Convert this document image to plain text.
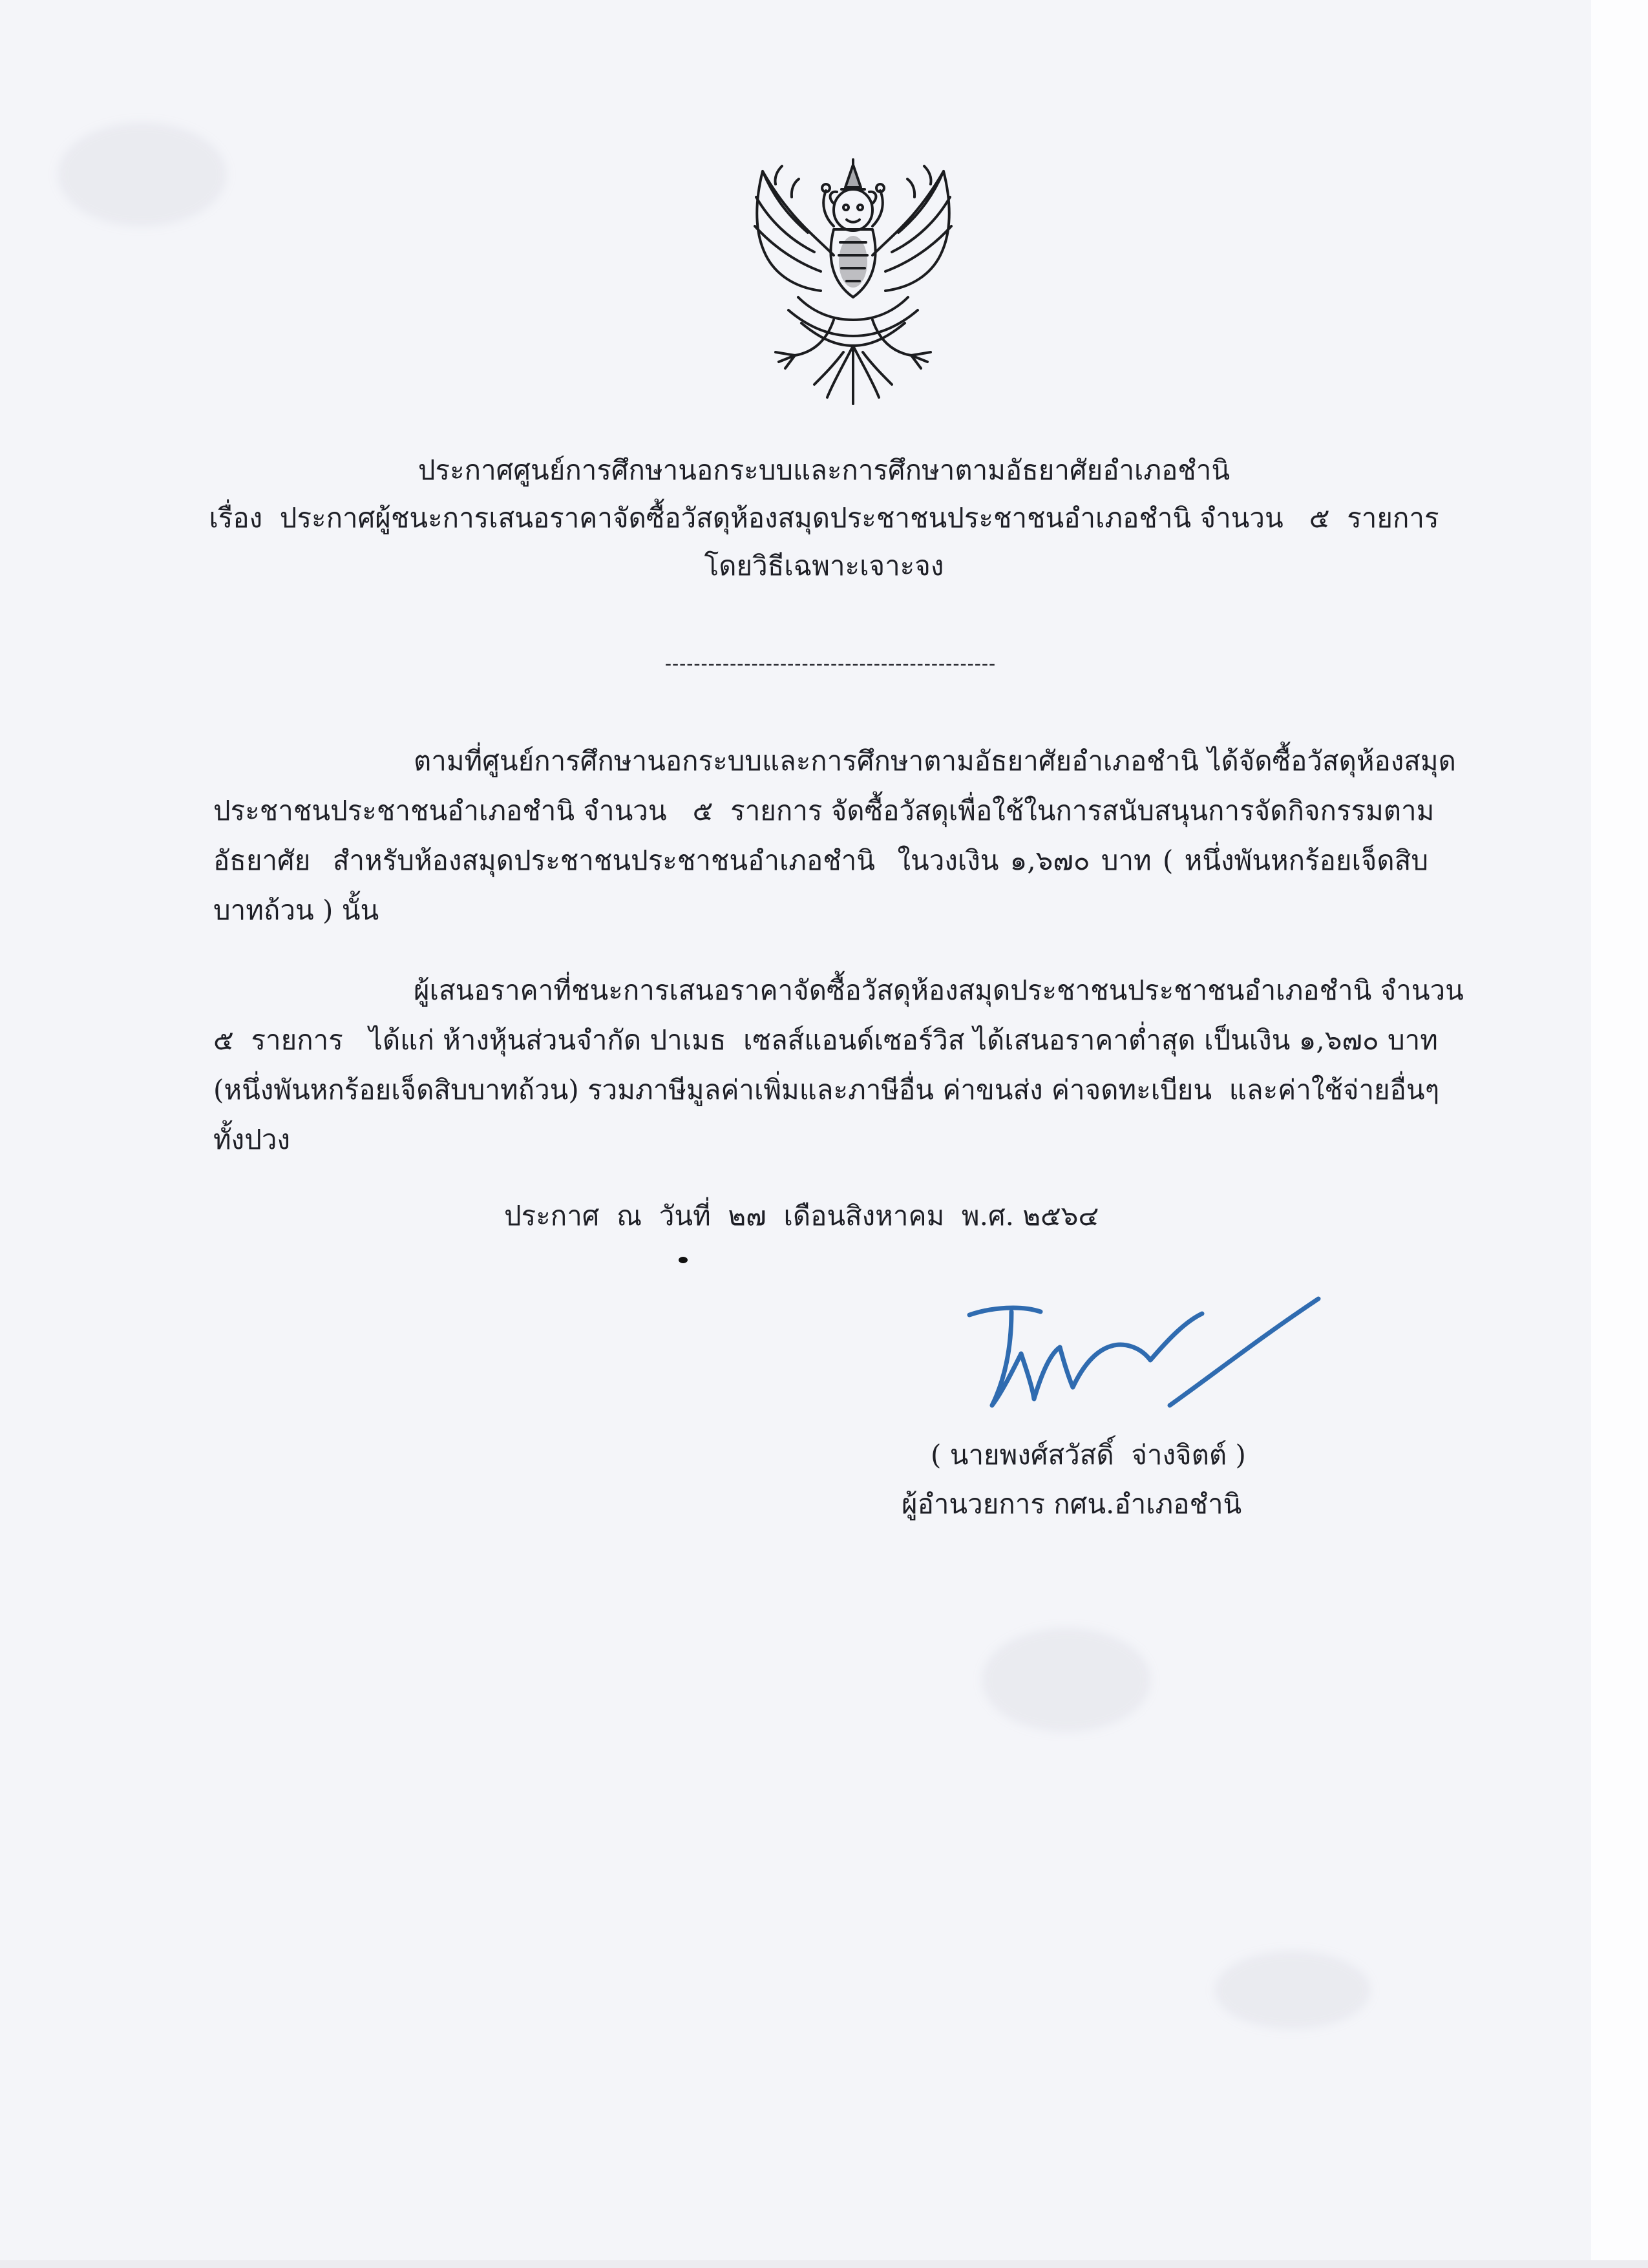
ประกาศศูนย์การศึกษานอกระบบและการศึกษาตามอัธยาศัยอำเภอชำนิ
เรื่อง  ประกาศผู้ชนะการเสนอราคาจัดซื้อวัสดุห้องสมุดประชาชนประชาชนอำเภอชำนิ จำนวน   ๕  รายการ
โดยวิธีเฉพาะเจาะจง
----------------------------------------------
ตามที่ศูนย์การศึกษานอกระบบและการศึกษาตามอัธยาศัยอำเภอชำนิ ได้จัดซื้อวัสดุห้องสมุด
ประชาชนประชาชนอำเภอชำนิ จำนวน   ๕  รายการ จัดซื้อวัสดุเพื่อใช้ในการสนับสนุนการจัดกิจกรรมตาม
อัธยาศัย  สำหรับห้องสมุดประชาชนประชาชนอำเภอชำนิ  ในวงเงิน ๑,๖๗๐ บาท ( หนึ่งพันหกร้อยเจ็ดสิบ
บาทถ้วน ) นั้น
ผู้เสนอราคาที่ชนะการเสนอราคาจัดซื้อวัสดุห้องสมุดประชาชนประชาชนอำเภอชำนิ จำนวน
๕  รายการ   ได้แก่ ห้างหุ้นส่วนจำกัด ปาเมธ  เซลส์แอนด์เซอร์วิส ได้เสนอราคาต่ำสุด เป็นเงิน ๑,๖๗๐ บาท
(หนึ่งพันหกร้อยเจ็ดสิบบาทถ้วน) รวมภาษีมูลค่าเพิ่มและภาษีอื่น ค่าขนส่ง ค่าจดทะเบียน  และค่าใช้จ่ายอื่นๆ
ทั้งปวง
ประกาศ  ณ  วันที่  ๒๗  เดือนสิงหาคม  พ.ศ. ๒๕๖๔
( นายพงศ์สวัสดิ์  จ่างจิตต์ )
ผู้อำนวยการ กศน.อำเภอชำนิ
